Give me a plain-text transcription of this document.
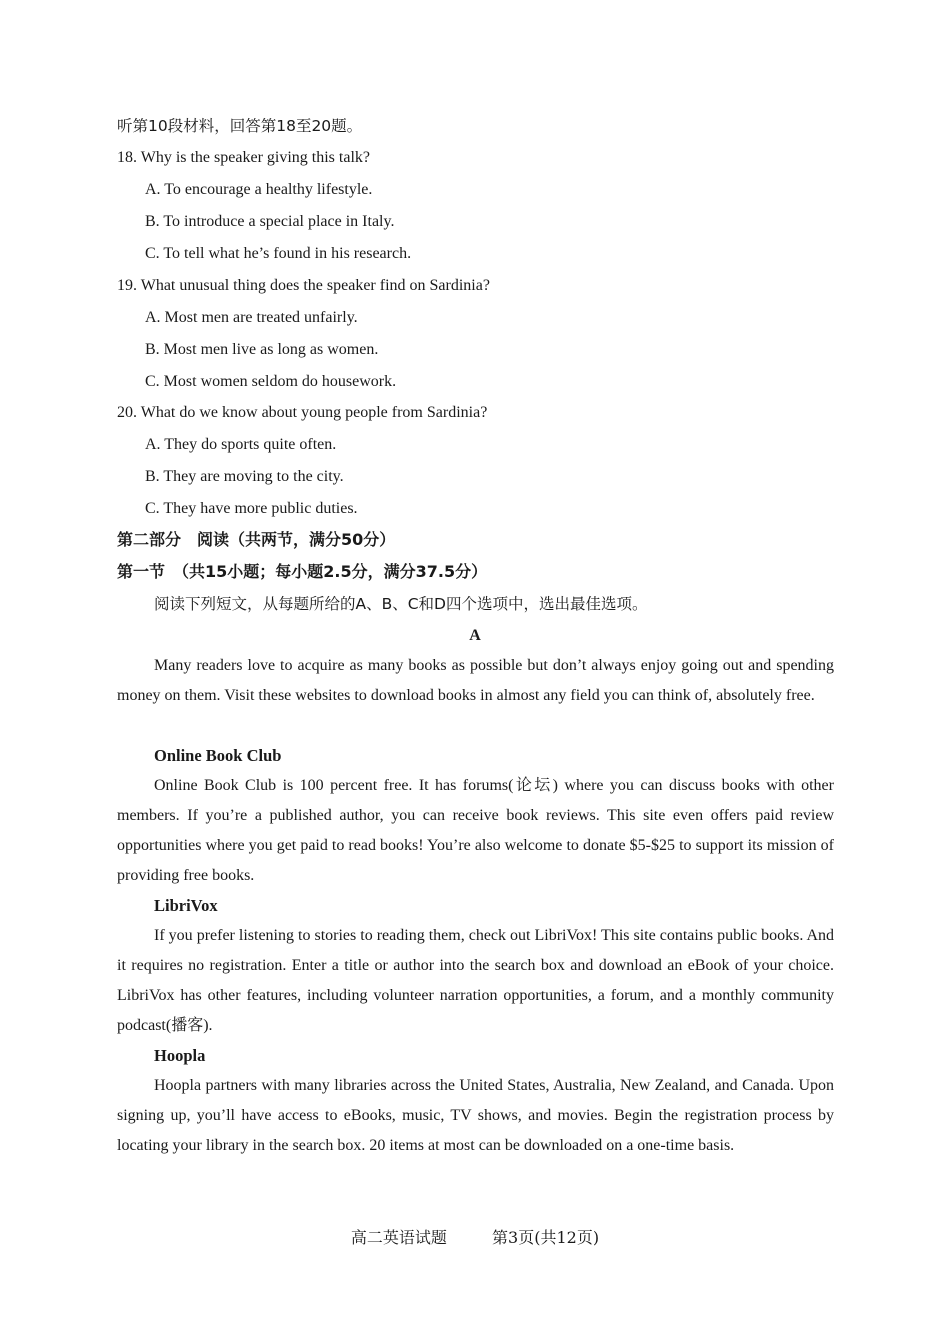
听第10段材料，回答第18至20题。
18. Why is the speaker giving this talk?
A. To encourage a healthy lifestyle.
B. To introduce a special place in Italy.
C. To tell what he’s found in his research.
19. What unusual thing does the speaker find on Sardinia?
A. Most men are treated unfairly.
B. Most men live as long as women.
C. Most women seldom do housework.
20. What do we know about young people from Sardinia?
A. They do sports quite often.
B. They are moving to the city.
C. They have more public duties.
第二部分　阅读（共两节，满分50分）
第一节　（共15小题；每小题2.5分，满分37.5分）
阅读下列短文，从每题所给的A、B、C和D四个选项中，选出最佳选项。
A

Many readers love to acquire as many books as possible but don’t always enjoy going out and spending money on them. Visit these websites to download books in almost any field you can think of, absolutely free.

Online Book Club

Online Book Club is 100 percent free. It has forums(论坛) where you can discuss books with other members. If you’re a published author, you can receive book reviews. This site even offers paid review opportunities where you get paid to read books! You’re also welcome to donate $5-$25 to support its mission of providing free books.

LibriVox

If you prefer listening to stories to reading them, check out LibriVox! This site contains public books. And it requires no registration. Enter a title or author into the search box and download an eBook of your choice. LibriVox has other features, including volunteer narration opportunities, a forum, and a monthly community podcast(播客).

Hoopla

Hoopla partners with many libraries across the United States, Australia, New Zealand, and Canada. Upon signing up, you’ll have access to eBooks, music, TV shows, and movies. Begin the registration process by locating your library in the search box. 20 items at most can be downloaded on a one-time basis.

高二英语试题	第3页(共12页)
